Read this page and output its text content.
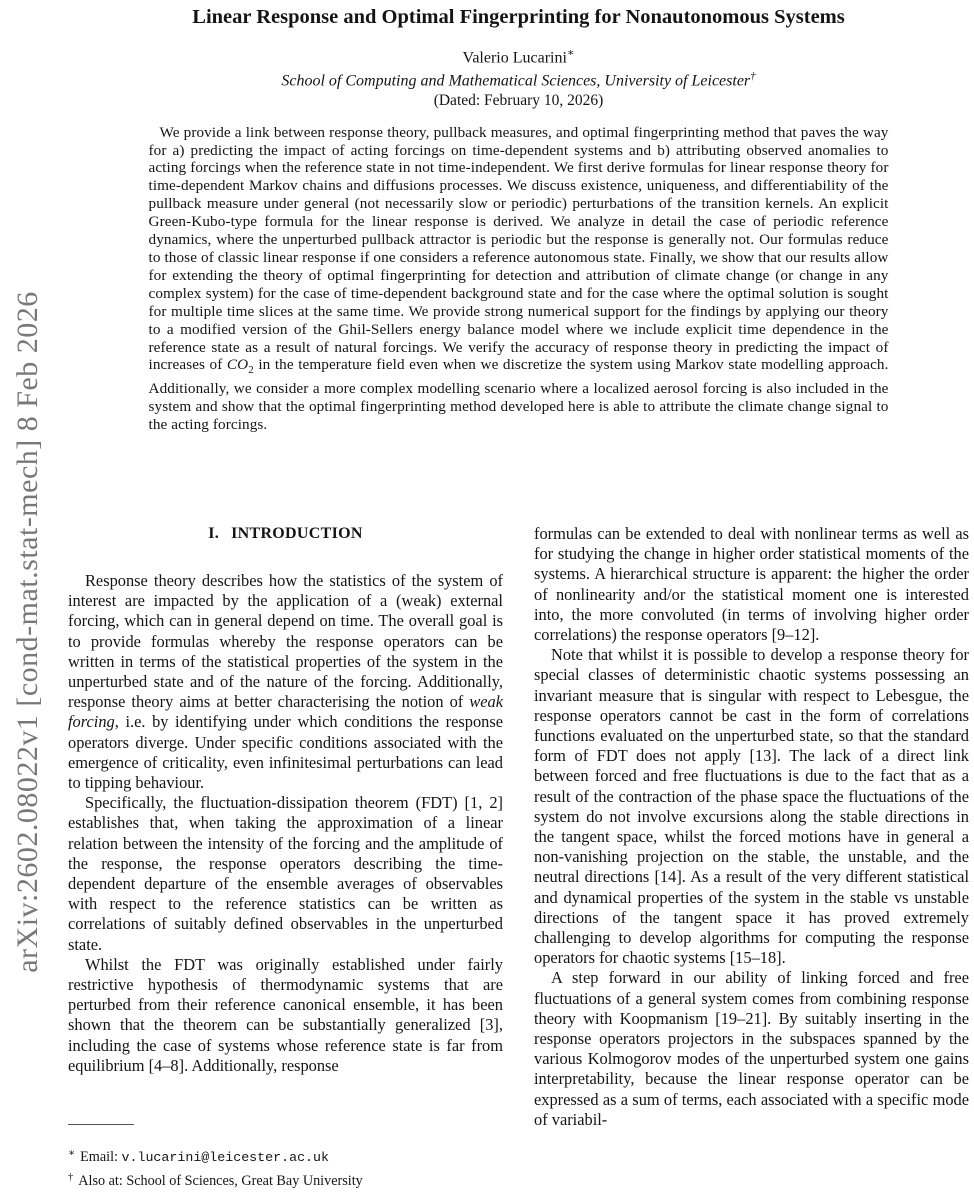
arXiv:2602.08022v1 [cond-mat.stat-mech] 8 Feb 2026
Linear Response and Optimal Fingerprinting for Nonautonomous Systems
Valerio Lucarini∗
School of Computing and Mathematical Sciences, University of Leicester†
(Dated: February 10, 2026)
We provide a link between response theory, pullback measures, and optimal fingerprinting method that paves the way for a) predicting the impact of acting forcings on time-dependent systems and b) attributing observed anomalies to acting forcings when the reference state in not time-independent. We first derive formulas for linear response theory for time-dependent Markov chains and diffusions processes. We discuss existence, uniqueness, and differentiability of the pullback measure under general (not necessarily slow or periodic) perturbations of the transition kernels. An explicit Green-Kubo-type formula for the linear response is derived. We analyze in detail the case of periodic reference dynamics, where the unperturbed pullback attractor is periodic but the response is generally not. Our formulas reduce to those of classic linear response if one considers a reference autonomous state. Finally, we show that our results allow for extending the theory of optimal fingerprinting for detection and attribution of climate change (or change in any complex system) for the case of time-dependent background state and for the case where the optimal solution is sought for multiple time slices at the same time. We provide strong numerical support for the findings by applying our theory to a modified version of the Ghil-Sellers energy balance model where we include explicit time dependence in the reference state as a result of natural forcings. We verify the accuracy of response theory in predicting the impact of increases of $CO_2$ in the temperature field even when we discretize the system using Markov state modelling approach. Additionally, we consider a more complex modelling scenario where a localized aerosol forcing is also included in the system and show that the optimal fingerprinting method developed here is able to attribute the climate change signal to the acting forcings.
I. INTRODUCTION

Response theory describes how the statistics of the system of interest are impacted by the application of a (weak) external forcing, which can in general depend on time. The overall goal is to provide formulas whereby the response operators can be written in terms of the statistical properties of the system in the unperturbed state and of the nature of the forcing. Additionally, response theory aims at better characterising the notion of weak forcing, i.e. by identifying under which conditions the response operators diverge. Under specific conditions associated with the emergence of criticality, even infinitesimal perturbations can lead to tipping behaviour.

Specifically, the fluctuation-dissipation theorem (FDT) [1, 2] establishes that, when taking the approximation of a linear relation between the intensity of the forcing and the amplitude of the response, the response operators describing the time-dependent departure of the ensemble averages of observables with respect to the reference statistics can be written as correlations of suitably defined observables in the unperturbed state.

Whilst the FDT was originally established under fairly restrictive hypothesis of thermodynamic systems that are perturbed from their reference canonical ensemble, it has been shown that the theorem can be substantially generalized [3], including the case of systems whose reference state is far from equilibrium [4–8]. Additionally, response

formulas can be extended to deal with nonlinear terms as well as for studying the change in higher order statistical moments of the systems. A hierarchical structure is apparent: the higher the order of nonlinearity and/or the statistical moment one is interested into, the more convoluted (in terms of involving higher order correlations) the response operators [9–12].

Note that whilst it is possible to develop a response theory for special classes of deterministic chaotic systems possessing an invariant measure that is singular with respect to Lebesgue, the response operators cannot be cast in the form of correlations functions evaluated on the unperturbed state, so that the standard form of FDT does not apply [13]. The lack of a direct link between forced and free fluctuations is due to the fact that as a result of the contraction of the phase space the fluctuations of the system do not involve excursions along the stable directions in the tangent space, whilst the forced motions have in general a non-vanishing projection on the stable, the unstable, and the neutral directions [14]. As a result of the very different statistical and dynamical properties of the system in the stable vs unstable directions of the tangent space it has proved extremely challenging to develop algorithms for computing the response operators for chaotic systems [15–18].

A step forward in our ability of linking forced and free fluctuations of a general system comes from combining response theory with Koopmanism [19–21]. By suitably inserting in the response operators projectors in the subspaces spanned by the various Kolmogorov modes of the unperturbed system one gains interpretability, because the linear response operator can be expressed as a sum of terms, each associated with a specific mode of variabil-

∗ Email: v.lucarini@leicester.ac.uk
† Also at: School of Sciences, Great Bay University
